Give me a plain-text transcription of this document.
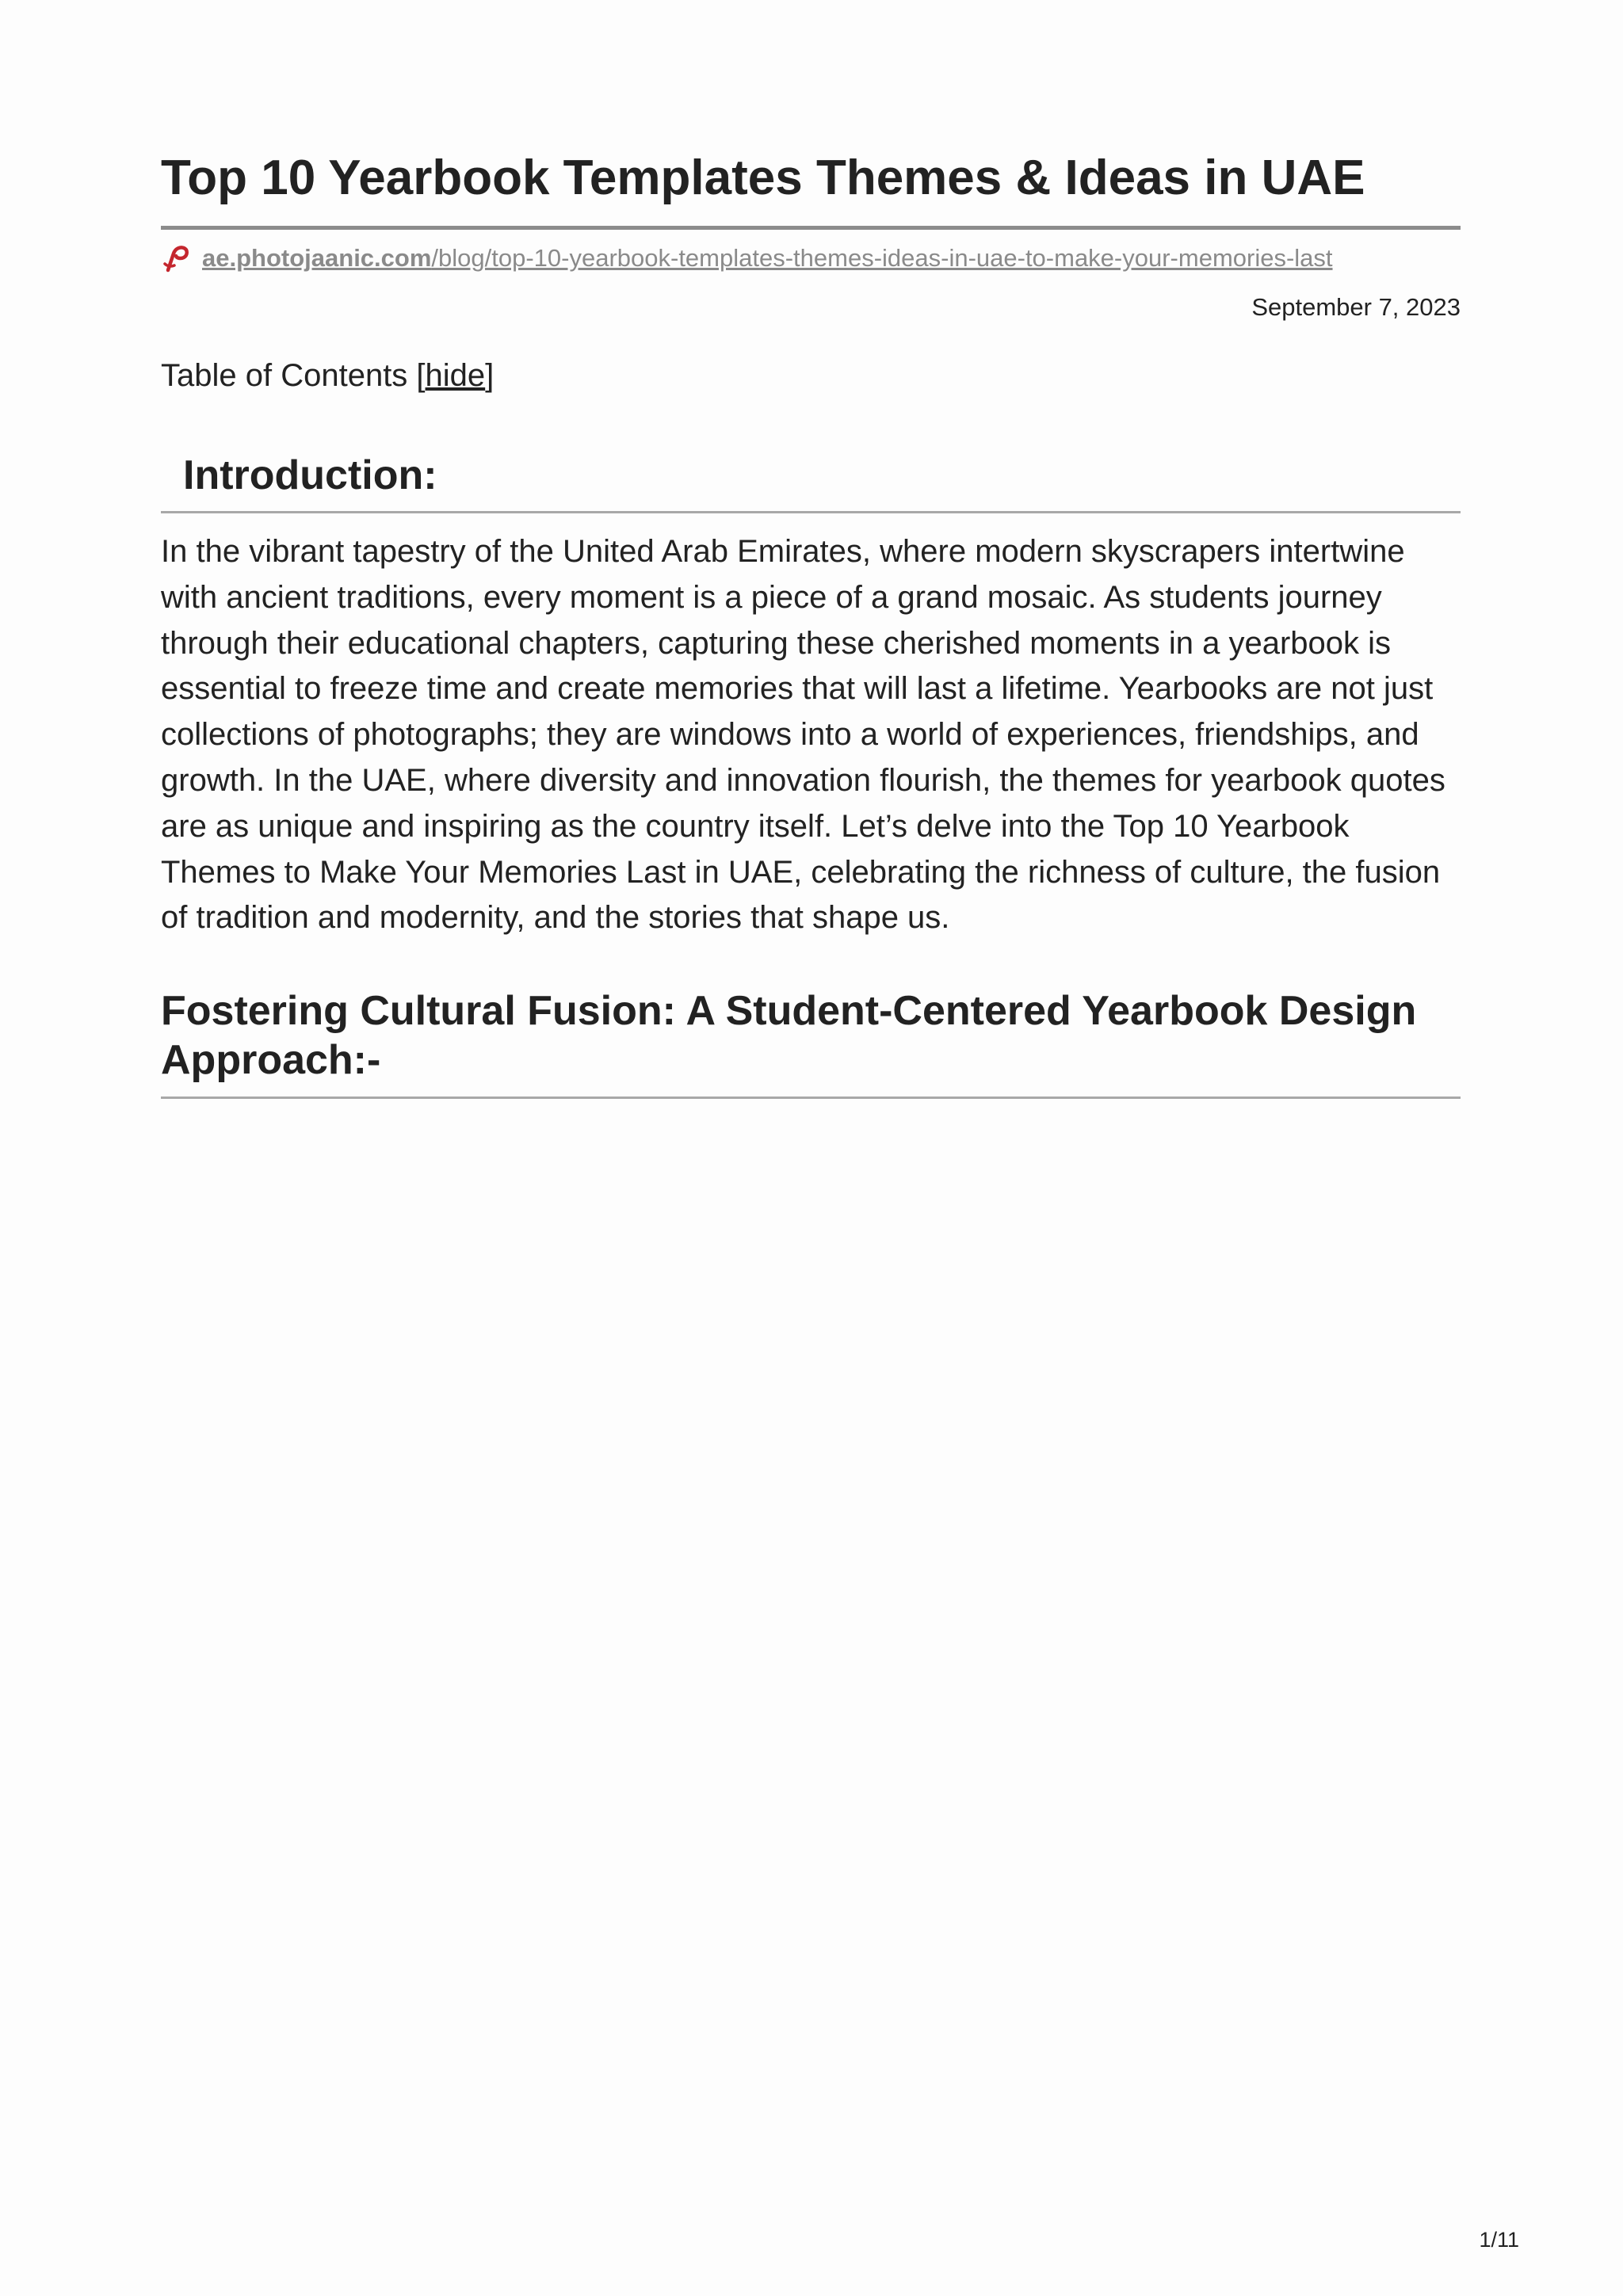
Top 10 Yearbook Templates Themes & Ideas in UAE
ae.photojaanic.com/blog/top-10-yearbook-templates-themes-ideas-in-uae-to-make-your-memories-last
September 7, 2023
Table of Contents [hide]
Introduction:

In the vibrant tapestry of the United Arab Emirates, where modern skyscrapers intertwine with ancient traditions, every moment is a piece of a grand mosaic. As students journey through their educational chapters, capturing these cherished moments in a yearbook is essential to freeze time and create memories that will last a lifetime. Yearbooks are not just collections of photographs; they are windows into a world of experiences, friendships, and growth. In the UAE, where diversity and innovation flourish, the themes for yearbook quotes are as unique and inspiring as the country itself. Let’s delve into the Top 10 Yearbook Themes to Make Your Memories Last in UAE, celebrating the richness of culture, the fusion of tradition and modernity, and the stories that shape us.

Fostering Cultural Fusion: A Student-Centered Yearbook Design Approach:-
1/11
